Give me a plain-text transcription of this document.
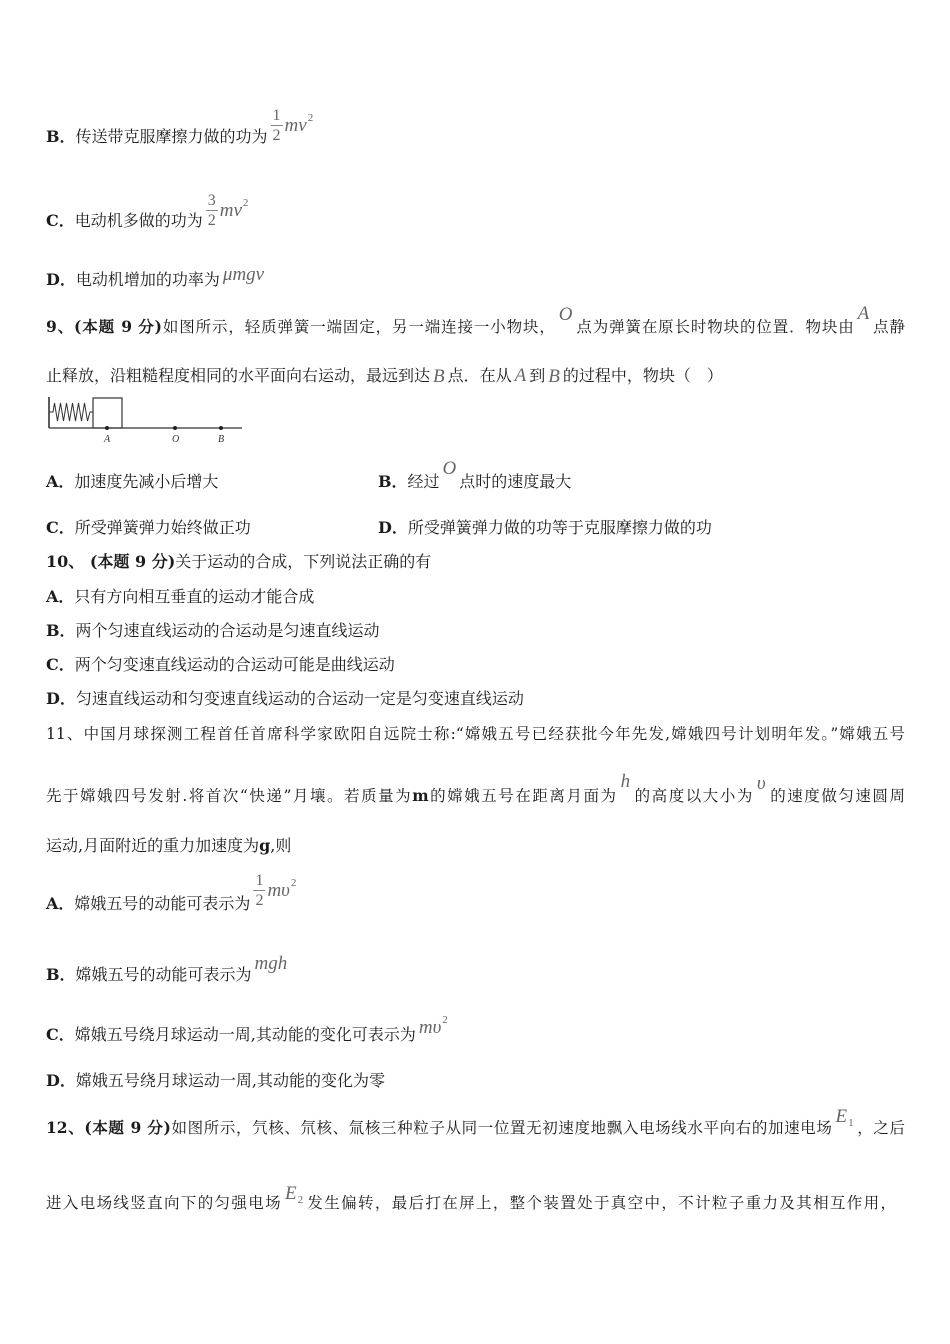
B．传送带克服摩擦力做的功为 $\frac{1}{2}$ mv 2
C．电动机多做的功为 $\frac{3}{2}$ mv 2
D．电动机增加的功率为 μmgv
9、(本题 9 分)如图所示，轻质弹簧一端固定，另一端连接一小物块，O点为弹簧在原长时物块的位置．物块由A点静
止释放，沿粗糙程度相同的水平面向右运动，最远到达 B 点．在从 A 到 B 的过程中，物块（　）
A	O	B
A．加速度先减小后增大	B．经过O点时的速度最大
C．所受弹簧弹力始终做正功	D．所受弹簧弹力做的功等于克服摩擦力做的功
10、 (本题 9 分)关于运动的合成，下列说法正确的有
A．只有方向相互垂直的运动才能合成
B．两个匀速直线运动的合运动是匀速直线运动
C．两个匀变速直线运动的合运动可能是曲线运动
D．匀速直线运动和匀变速直线运动的合运动一定是匀变速直线运动
11、中国月球探测工程首任首席科学家欧阳自远院士称:“嫦娥五号已经获批今年先发,嫦娥四号计划明年发。”嫦娥五号
先于嫦娥四号发射.将首次“快递”月壤。若质量为m的嫦娥五号在距离月面为h的高度以大小为υ的速度做匀速圆周
运动,月面附近的重力加速度为g,则
A．嫦娥五号的动能可表示为 $\frac{1}{2}$ mυ 2
B．嫦娥五号的动能可表示为mgh
C．嫦娥五号绕月球运动一周,其动能的变化可表示为 mυ 2
D．嫦娥五号绕月球运动一周,其动能的变化为零
12、(本题 9 分)如图所示，氕核、氘核、氚核三种粒子从同一位置无初速度地飘入电场线水平向右的加速电场
E 1 ，之后
进入电场线竖直向下的匀强电场 E 2 发生偏转，最后打在屏上，整个装置处于真空中，不计粒子重力及其相互作用，
